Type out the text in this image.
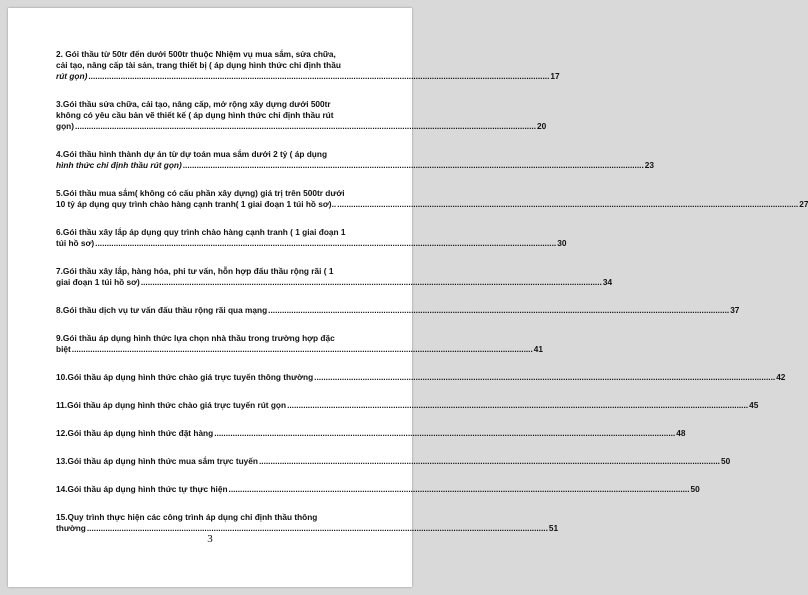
2. Gói thầu từ 50tr đến dưới 500tr thuộc Nhiệm vụ mua sắm, sửa chữa,
cải tạo, nâng cấp tài sản, trang thiết bị ( áp dụng hình thức chỉ định thầu
rút gọn) ........................................................................................................................................................................................................ 17
3.Gói thầu sửa chữa, cải tạo, nâng cấp, mở rộng xây dựng dưới 500tr
không có yêu cầu bản vẽ thiết kế ( áp dụng hình thức chỉ định thầu rút
gọn) ........................................................................................................................................................................................................ 20
4.Gói thầu hình thành dự án từ dự toán mua sắm dưới 2 tỷ ( áp dụng
hình thức chỉ định thầu rút gọn) ........................................................................................................................................................................................................ 23
5.Gói thầu mua sắm( không có cấu phần xây dựng) giá trị trên 500tr dưới
10 tỷ áp dụng quy trình chào hàng cạnh tranh( 1 giai đoạn 1 túi hồ sơ).. ........................................................................................................................................................................................................ 27
6.Gói thầu xây lắp áp dụng quy trình chào hàng cạnh tranh ( 1 giai đoạn 1
túi hồ sơ) ........................................................................................................................................................................................................ 30
7.Gói thầu xây lắp, hàng hóa, phi tư vấn, hỗn hợp đấu thầu rộng rãi ( 1
giai đoạn 1 túi hồ sơ) ........................................................................................................................................................................................................ 34
8.Gói thầu dịch vụ tư vấn đấu thầu rộng rãi qua mạng ........................................................................................................................................................................................................ 37
9.Gói thầu áp dụng hình thức lựa chọn nhà thầu trong trường hợp đặc
biệt ........................................................................................................................................................................................................ 41
10.Gói thầu áp dụng hình thức chào giá trực tuyến thông thường ........................................................................................................................................................................................................ 42
11.Gói thầu áp dụng hình thức chào giá trực tuyến rút gọn ........................................................................................................................................................................................................ 45
12.Gói thầu áp dụng hình thức đặt hàng ........................................................................................................................................................................................................ 48
13.Gói thầu áp dụng hình thức mua sắm trực tuyến ........................................................................................................................................................................................................ 50
14.Gói thầu áp dụng hình thức tự thực hiện ........................................................................................................................................................................................................ 50
15.Quy trình thực hiện các công trình áp dụng chỉ định thầu thông
thường ........................................................................................................................................................................................................ 51
3
